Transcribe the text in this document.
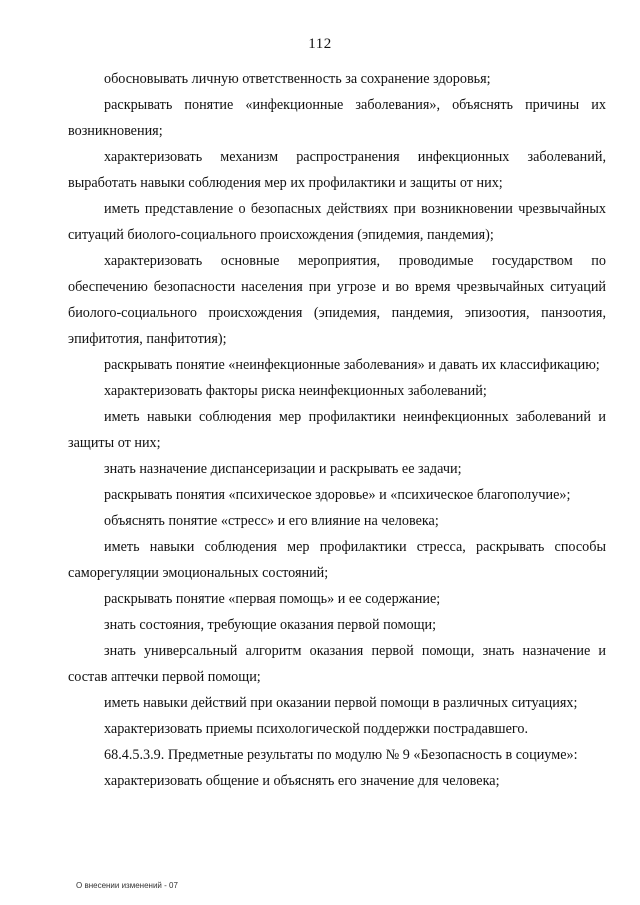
112

обосновывать личную ответственность за сохранение здоровья;

раскрывать понятие «инфекционные заболевания», объяснять причины их возникновения;

характеризовать механизм распространения инфекционных заболеваний, выработать навыки соблюдения мер их профилактики и защиты от них;

иметь представление о безопасных действиях при возникновении чрезвычайных ситуаций биолого-социального происхождения (эпидемия, пандемия);

характеризовать основные мероприятия, проводимые государством по обеспечению безопасности населения при угрозе и во время чрезвычайных ситуаций биолого-социального происхождения (эпидемия, пандемия, эпизоотия, панзоотия, эпифитотия, панфитотия);

раскрывать понятие «неинфекционные заболевания» и давать их классификацию;

характеризовать факторы риска неинфекционных заболеваний;

иметь навыки соблюдения мер профилактики неинфекционных заболеваний и защиты от них;

знать назначение диспансеризации и раскрывать ее задачи;

раскрывать понятия «психическое здоровье» и «психическое благополучие»;

объяснять понятие «стресс» и его влияние на человека;

иметь навыки соблюдения мер профилактики стресса, раскрывать способы саморегуляции эмоциональных состояний;

раскрывать понятие «первая помощь» и ее содержание;

знать состояния, требующие оказания первой помощи;

знать универсальный алгоритм оказания первой помощи, знать назначение и состав аптечки первой помощи;

иметь навыки действий при оказании первой помощи в различных ситуациях;

характеризовать приемы психологической поддержки пострадавшего.

68.4.5.3.9. Предметные результаты по модулю № 9 «Безопасность в социуме»:

характеризовать общение и объяснять его значение для человека;

О внесении изменений - 07
